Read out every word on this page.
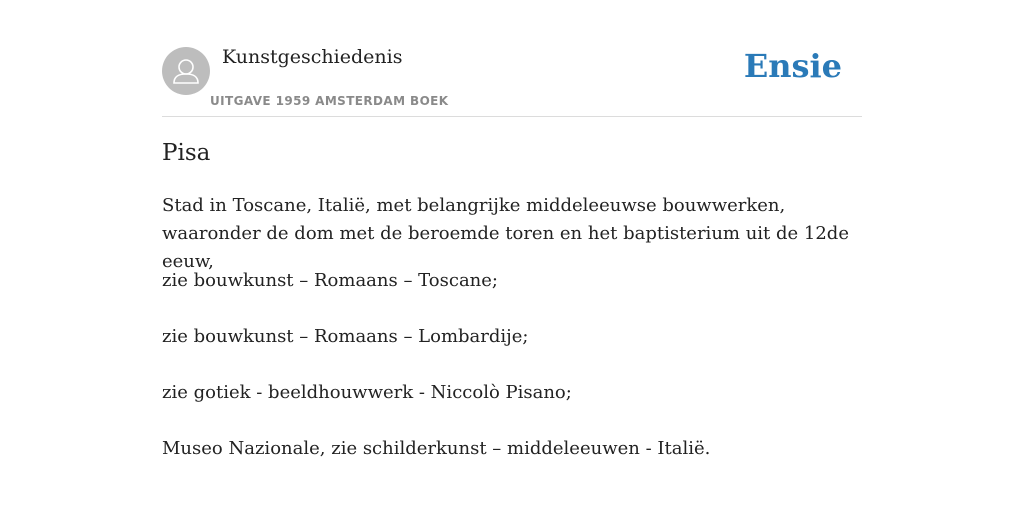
Kunstgeschiedenis
UITGAVE 1959 AMSTERDAM BOEK
Ensie
Pisa

Stad in Toscane, Italië, met belangrijke middeleeuwse bouwwerken, waaronder de dom met de beroemde toren en het baptisterium uit de 12de eeuw,

zie bouwkunst – Romaans – Toscane;
zie bouwkunst – Romaans – Lombardije;
zie gotiek - beeldhouwwerk - Niccolò Pisano;
Museo Nazionale, zie schilderkunst – middeleeuwen - Italië.
